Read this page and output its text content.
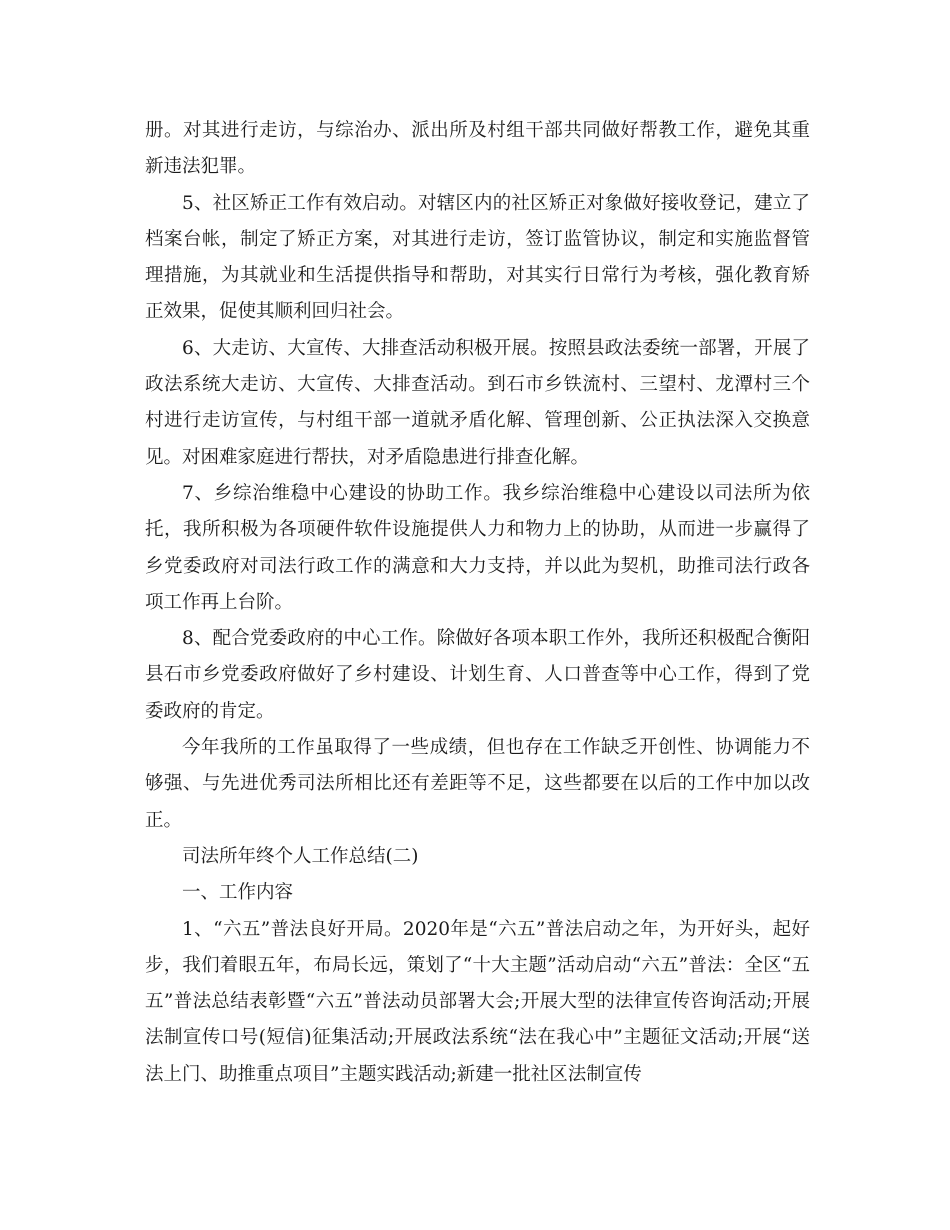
册。对其进行走访，与综治办、派出所及村组干部共同做好帮教工作，避免其重新违法犯罪。

5、社区矫正工作有效启动。对辖区内的社区矫正对象做好接收登记，建立了档案台帐，制定了矫正方案，对其进行走访，签订监管协议，制定和实施监督管理措施，为其就业和生活提供指导和帮助，对其实行日常行为考核，强化教育矫正效果，促使其顺利回归社会。

6、大走访、大宣传、大排查活动积极开展。按照县政法委统一部署，开展了政法系统大走访、大宣传、大排查活动。到石市乡铁流村、三望村、龙潭村三个村进行走访宣传，与村组干部一道就矛盾化解、管理创新、公正执法深入交换意见。对困难家庭进行帮扶，对矛盾隐患进行排查化解。

7、乡综治维稳中心建设的协助工作。我乡综治维稳中心建设以司法所为依托，我所积极为各项硬件软件设施提供人力和物力上的协助，从而进一步赢得了乡党委政府对司法行政工作的满意和大力支持，并以此为契机，助推司法行政各项工作再上台阶。

8、配合党委政府的中心工作。除做好各项本职工作外，我所还积极配合衡阳县石市乡党委政府做好了乡村建设、计划生育、人口普查等中心工作，得到了党委政府的肯定。

今年我所的工作虽取得了一些成绩，但也存在工作缺乏开创性、协调能力不够强、与先进优秀司法所相比还有差距等不足，这些都要在以后的工作中加以改正。

司法所年终个人工作总结(二)

一、工作内容

1、“六五”普法良好开局。2020年是“六五”普法启动之年，为开好头，起好步，我们着眼五年，布局长远，策划了“十大主题”活动启动“六五”普法：全区“五五”普法总结表彰暨“六五”普法动员部署大会;开展大型的法律宣传咨询活动;开展法制宣传口号(短信)征集活动;开展政法系统“法在我心中”主题征文活动;开展“送法上门、助推重点项目”主题实践活动;新建一批社区法制宣传
